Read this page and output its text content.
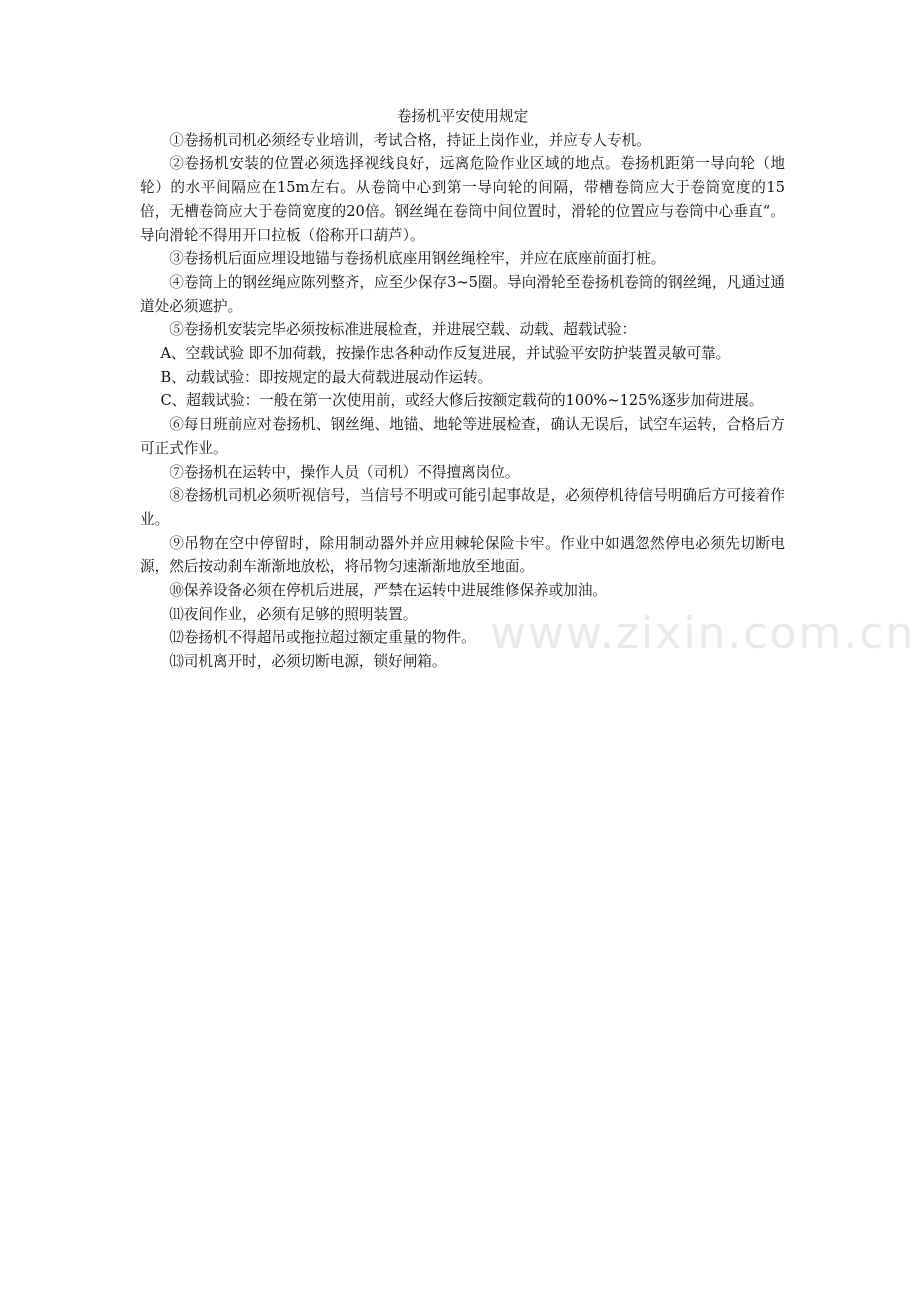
卷扬机平安使用规定

①卷扬机司机必须经专业培训，考试合格，持证上岗作业，并应专人专机。

②卷扬机安装的位置必须选择视线良好，远离危险作业区域的地点。卷扬机距第一导向轮（地轮）的水平间隔应在15m左右。从卷筒中心到第一导向轮的间隔，带槽卷筒应大于卷筒宽度的15倍，无槽卷筒应大于卷筒宽度的20倍。钢丝绳在卷筒中间位置时，滑轮的位置应与卷筒中心垂直“。导向滑轮不得用开口拉板（俗称开口葫芦）。

③卷扬机后面应埋设地锚与卷扬机底座用钢丝绳栓牢，并应在底座前面打桩。

④卷筒上的钢丝绳应陈列整齐，应至少保存3~5圈。导向滑轮至卷扬机卷筒的钢丝绳，凡通过通道处必须遮护。

⑤卷扬机安装完毕必须按标准进展检查，并进展空载、动载、超载试验：

A、空载试验 即不加荷载，按操作忠各种动作反复进展，并试验平安防护装置灵敏可靠。

B、动载试验：即按规定的最大荷载进展动作运转。

C、超载试验：一般在第一次使用前，或经大修后按额定载荷的100%~125%逐步加荷进展。

⑥每日班前应对卷扬机、钢丝绳、地锚、地轮等进展检查，确认无误后，试空车运转，合格后方可正式作业。

⑦卷扬机在运转中，操作人员（司机）不得擅离岗位。

⑧卷扬机司机必须听视信号，当信号不明或可能引起事故是，必须停机待信号明确后方可接着作业。

⑨吊物在空中停留时，除用制动器外并应用棘轮保险卡牢。作业中如遇忽然停电必须先切断电源，然后按动刹车渐渐地放松，将吊物匀速渐渐地放至地面。

⑩保养设备必须在停机后进展，严禁在运转中进展维修保养或加油。

⑾夜间作业，必须有足够的照明装置。

⑿卷扬机不得超吊或拖拉超过额定重量的物件。

⒀司机离开时，必须切断电源，锁好闸箱。

www.zixin.com.cn
